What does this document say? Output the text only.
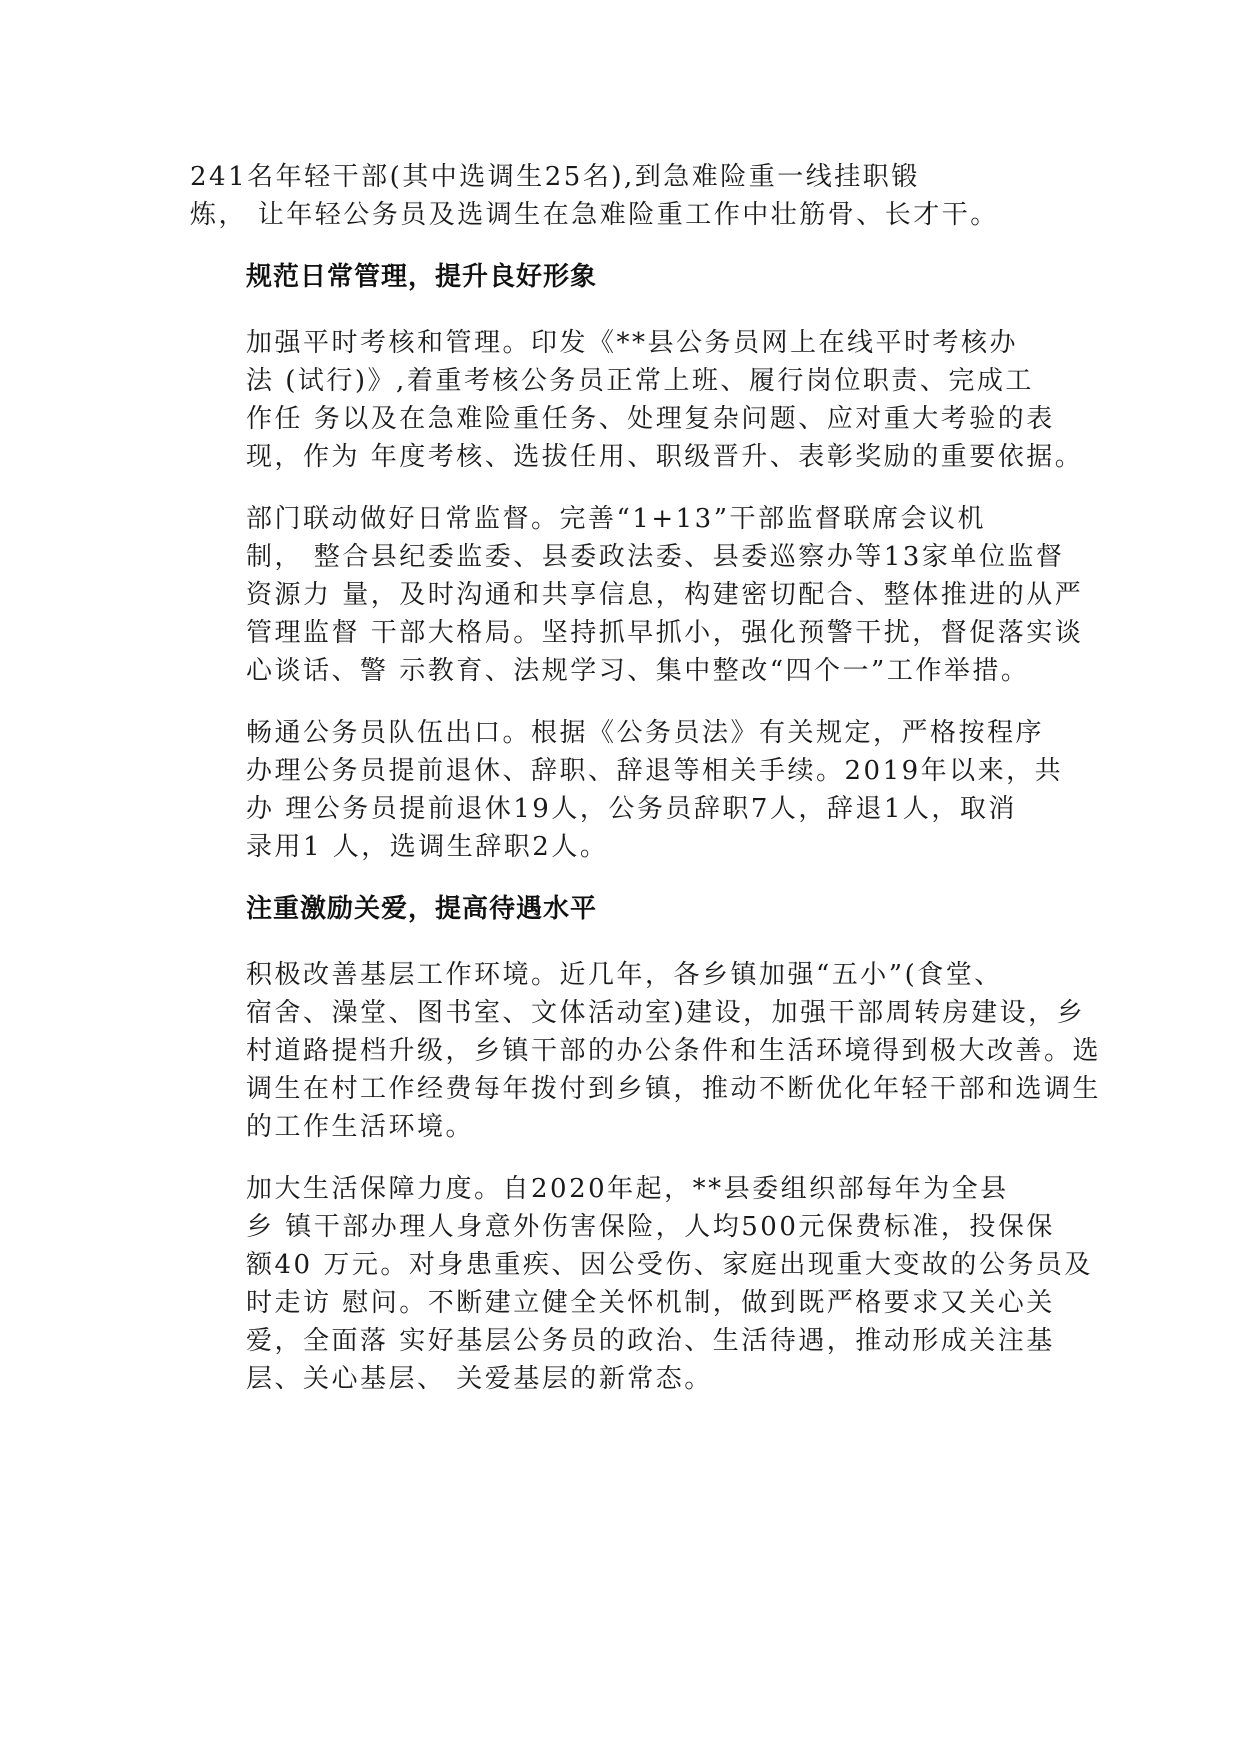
241名年轻干部(其中选调生25名),到急难险重一线挂职锻
炼， 让年轻公务员及选调生在急难险重工作中壮筋骨、长才干。

规范日常管理，提升良好形象

加强平时考核和管理。印发《**县公务员网上在线平时考核办
法 (试行)》,着重考核公务员正常上班、履行岗位职责、完成工
作任 务以及在急难险重任务、处理复杂问题、应对重大考验的表
现，作为 年度考核、选拔任用、职级晋升、表彰奖励的重要依据。

部门联动做好日常监督。完善“1+13”干部监督联席会议机
制， 整合县纪委监委、县委政法委、县委巡察办等13家单位监督
资源力 量，及时沟通和共享信息，构建密切配合、整体推进的从严
管理监督 干部大格局。坚持抓早抓小，强化预警干扰，督促落实谈
心谈话、警 示教育、法规学习、集中整改“四个一”工作举措。

畅通公务员队伍出口。根据《公务员法》有关规定，严格按程序
办理公务员提前退休、辞职、辞退等相关手续。2019年以来，共
办 理公务员提前退休19人，公务员辞职7人，辞退1人，取消
录用1 人，选调生辞职2人。

注重激励关爱，提高待遇水平

积极改善基层工作环境。近几年，各乡镇加强“五小”(食堂、
宿舍、澡堂、图书室、文体活动室)建设，加强干部周转房建设，乡
村道路提档升级，乡镇干部的办公条件和生活环境得到极大改善。选
调生在村工作经费每年拨付到乡镇，推动不断优化年轻干部和选调生
的工作生活环境。

加大生活保障力度。自2020年起，**县委组织部每年为全县
乡 镇干部办理人身意外伤害保险，人均500元保费标准，投保保
额40 万元。对身患重疾、因公受伤、家庭出现重大变故的公务员及
时走访 慰问。不断建立健全关怀机制，做到既严格要求又关心关
爱，全面落 实好基层公务员的政治、生活待遇，推动形成关注基
层、关心基层、 关爱基层的新常态。
